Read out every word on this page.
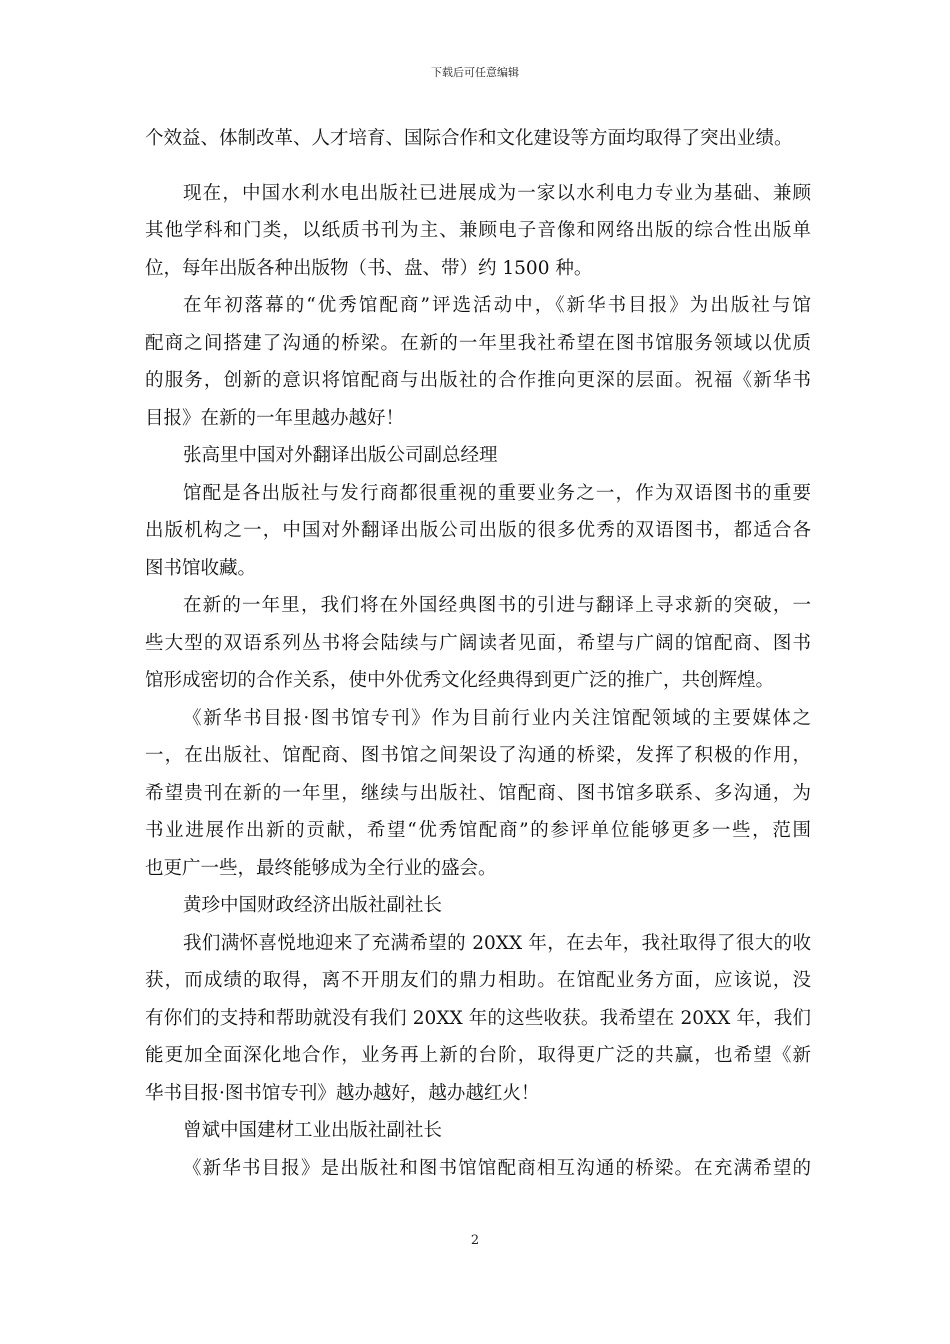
下载后可任意编辑
个效益、体制改革、人才培育、国际合作和文化建设等方面均取得了突出业绩。
现在，中国水利水电出版社已进展成为一家以水利电力专业为基础、兼顾
其他学科和门类，以纸质书刊为主、兼顾电子音像和网络出版的综合性出版单
位，每年出版各种出版物（书、盘、带）约 1500 种。
在年初落幕的“优秀馆配商”评选活动中，《新华书目报》为出版社与馆
配商之间搭建了沟通的桥梁。在新的一年里我社希望在图书馆服务领域以优质
的服务，创新的意识将馆配商与出版社的合作推向更深的层面。祝福《新华书
目报》在新的一年里越办越好！
张高里中国对外翻译出版公司副总经理
馆配是各出版社与发行商都很重视的重要业务之一，作为双语图书的重要
出版机构之一，中国对外翻译出版公司出版的很多优秀的双语图书，都适合各
图书馆收藏。
在新的一年里，我们将在外国经典图书的引进与翻译上寻求新的突破，一
些大型的双语系列丛书将会陆续与广阔读者见面，希望与广阔的馆配商、图书
馆形成密切的合作关系，使中外优秀文化经典得到更广泛的推广，共创辉煌。
《新华书目报·图书馆专刊》作为目前行业内关注馆配领域的主要媒体之
一，在出版社、馆配商、图书馆之间架设了沟通的桥梁，发挥了积极的作用，
希望贵刊在新的一年里，继续与出版社、馆配商、图书馆多联系、多沟通，为
书业进展作出新的贡献，希望“优秀馆配商”的参评单位能够更多一些，范围
也更广一些，最终能够成为全行业的盛会。
黄珍中国财政经济出版社副社长
我们满怀喜悦地迎来了充满希望的 20XX 年，在去年，我社取得了很大的收
获，而成绩的取得，离不开朋友们的鼎力相助。在馆配业务方面，应该说，没
有你们的支持和帮助就没有我们 20XX 年的这些收获。我希望在 20XX 年，我们
能更加全面深化地合作，业务再上新的台阶，取得更广泛的共赢，也希望《新
华书目报·图书馆专刊》越办越好，越办越红火！
曾斌中国建材工业出版社副社长
《新华书目报》是出版社和图书馆馆配商相互沟通的桥梁。在充满希望的
2
